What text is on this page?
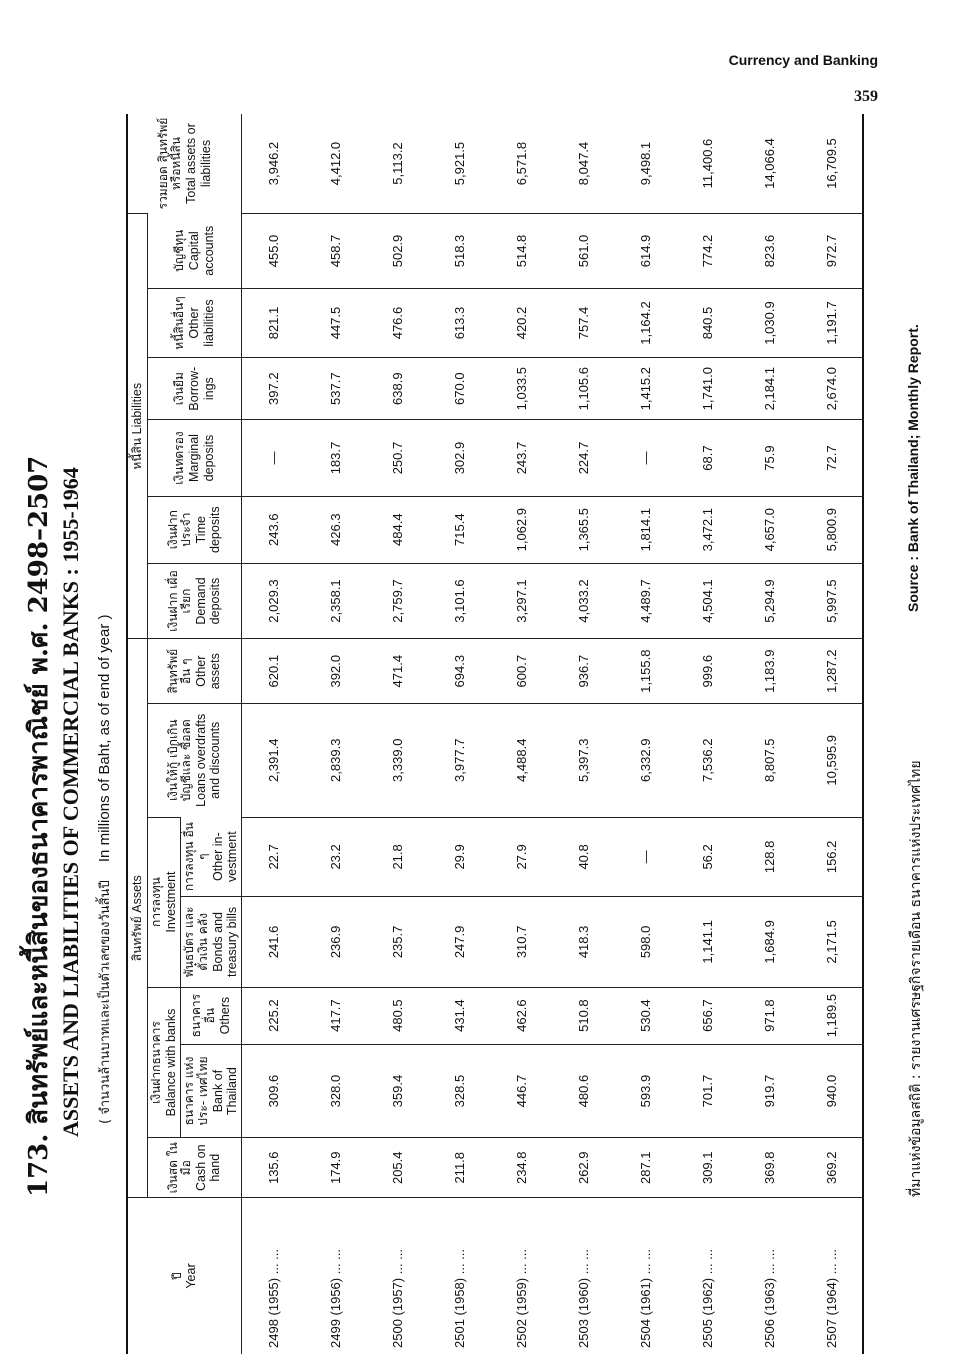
Currency and Banking
359
173. สินทรัพย์และหนี้สินของธนาคารพาณิชย์ พ.ศ. 2498–2507 ASSETS AND LIABILITIES OF COMMERCIAL BANKS : 1955-1964	( จำนวนล้านบาทและเป็นตัวเลขของวันสิ้นปี In millions of Baht, as of end of year )
ปี Year	สินทรัพย์ Assets							หนี้สิน Liabilities						รวมยอด สินทรัพย์ หรือหนี้สิน Total assets or liabilities

	เงินสด ในมือ Cash on hand	เงินฝากธนาคาร Balance with banks		การลงทุน Investment		เงินให้กู้ เบิกเกิน บัญชีและ ซื้อลด Loans overdrafts and discounts	สินทรัพย์ อื่น ๆ Other assets	เงินฝาก เผื่อเรียก Demand deposits	เงินฝาก ประจำ Time deposits	เงินทดรอง Marginal deposits	เงินยืม Borrow- ings	หนี้สินอื่นๆ Other liabilities	บัญชีทุน Capital accounts	

		ธนาคาร แห่งประ- เทศไทย Bank of Thailand	ธนาคารอื่น Others	พันธบัตร และตั๋วเงิน คลัง Bonds and treasury bills	การลงทุน อื่น ๆ Other in- vestment									

2498 (1955) ... ...	135.6	309.6	225.2	241.6	22.7	2,391.4	620.1	2,029.3	243.6	—	397.2	821.1	455.0	3,946.2
2499 (1956) ... ...	174.9	328.0	417.7	236.9	23.2	2,839.3	392.0	2,358.1	426.3	183.7	537.7	447.5	458.7	4,412.0
2500 (1957) ... ...	205.4	359.4	480.5	235.7	21.8	3,339.0	471.4	2,759.7	484.4	250.7	638.9	476.6	502.9	5,113.2
2501 (1958) ... ...	211.8	328.5	431.4	247.9	29.9	3,977.7	694.3	3,101.6	715.4	302.9	670.0	613.3	518.3	5,921.5
2502 (1959) ... ...	234.8	446.7	462.6	310.7	27.9	4,488.4	600.7	3,297.1	1,062.9	243.7	1,033.5	420.2	514.8	6,571.8
2503 (1960) ... ...	262.9	480.6	510.8	418.3	40.8	5,397.3	936.7	4,033.2	1,365.5	224.7	1,105.6	757.4	561.0	8,047.4
2504 (1961) ... ...	287.1	593.9	530.4	598.0	—	6,332.9	1,155.8	4,489.7	1,814.1	—	1,415.2	1,164.2	614.9	9,498.1
2505 (1962) ... ...	309.1	701.7	656.7	1,141.1	56.2	7,536.2	999.6	4,504.1	3,472.1	68.7	1,741.0	840.5	774.2	11,400.6
2506 (1963) ... ...	369.8	919.7	971.8	1,684.9	128.8	8,807.5	1,183.9	5,294.9	4,657.0	75.9	2,184.1	1,030.9	823.6	14,066.4
2507 (1964) ... ...	369.2	940.0	1,189.5	2,171.5	156.2	10,595.9	1,287.2	5,997.5	5,800.9	72.7	2,674.0	1,191.7	972.7	16,709.5
ที่มาแห่งข้อมูลสถิติ : รายงานเศรษฐกิจรายเดือน ธนาคารแห่งประเทศไทย
Source : Bank of Thailand; Monthly Report.
